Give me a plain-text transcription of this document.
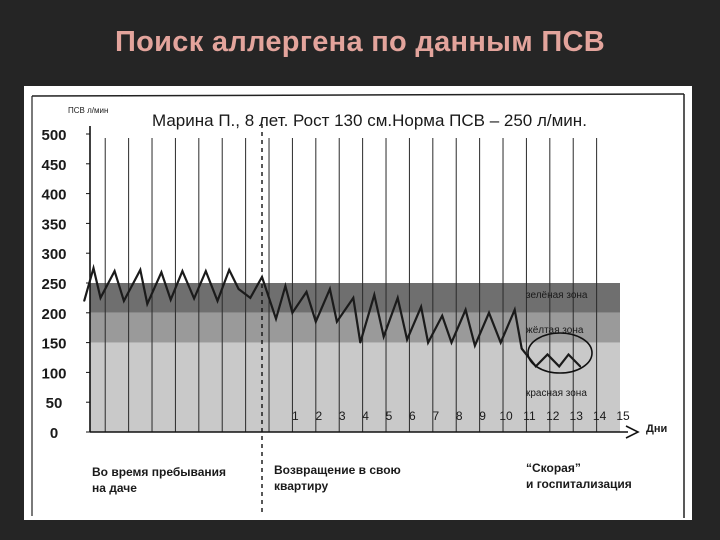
Поиск аллергена по данным ПСВ
0
50
100
150
200
250
300
350
400
450
500
1 2 3 4 5 6 7 8 9 10 11 12 13 14 15
ПСВ л/мин
Марина П., 8 лет. Рост 130 см.Норма ПСВ – 250 л/мин.
Дни
зелёная зона
жёлтая зона
красная зона
Во время пребывания на даче
Возвращение в свою квартиру
“Скорая” и госпитализация
